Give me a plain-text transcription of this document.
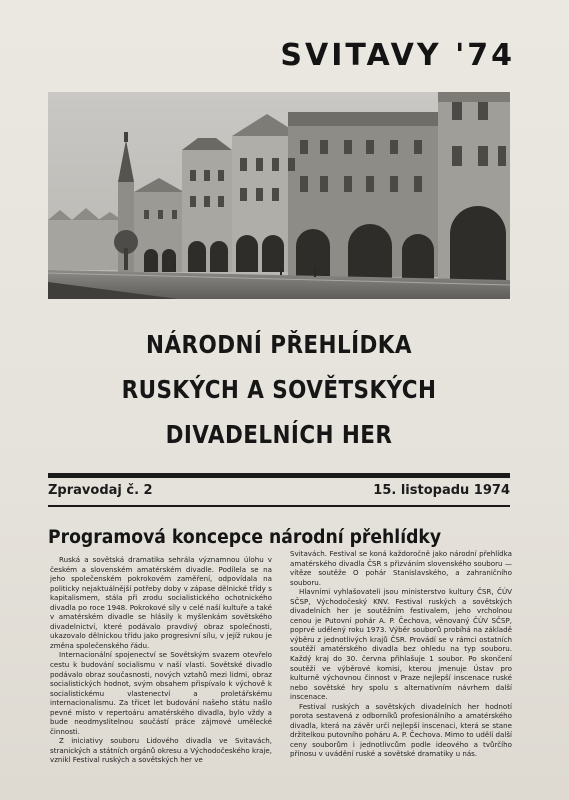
SVITAVY '74
NÁRODNÍ PŘEHLÍDKA
RUSKÝCH A SOVĚTSKÝCH
DIVADELNÍCH HER
Zpravodaj č. 2	15. listopadu 1974
Programová koncepce národní přehlídky

Ruská a sovětská dramatika sehrála významnou úlohu v českém a slovenském amatérském divadle. Podílela se na jeho společenském pokrokovém zaměření, odpovídala na politicky nejaktuálnější potřeby doby v zápase dělnické třídy s kapitalismem, stála při zrodu socialistického ochotnického divadla po roce 1948. Pokrokové síly v celé naší kultuře a také v amatérském divadle se hlásily k myšlenkám sovětského divadelnictví, které podávalo pravdivý obraz společnosti, ukazovalo dělnickou třídu jako progresivní sílu, v jejíž rukou je změna společenského řádu.

Internacionální spojenectví se Sovětským svazem otevřelo cestu k budování socialismu v naší vlasti. Sovětské divadlo podávalo obraz současnosti, nových vztahů mezi lidmi, obraz socialistických hodnot, svým obsahem přispívalo k výchově k socialistickému vlastenectví a proletářskému internacionalismu. Za třicet let budování našeho státu našlo pevné místo v repertoáru amatérského divadla, bylo vždy a bude neodmyslitelnou součástí práce zájmové umělecké činnosti.

Z iniciativy souboru Lidového divadla ve Svitavách, stranických a státních orgánů okresu a Východočeského kraje, vznikl Festival ruských a sovětských her ve

Svitavách. Festival se koná každoročně jako národní přehlídka amatérského divadla ČSR s přizváním slovenského souboru — vítěze soutěže O pohár Stanislavského, a zahraničního souboru.

Hlavními vyhlašovateli jsou ministerstvo kultury ČSR, ČÚV SČSP, Východočeský KNV. Festival ruských a sovětských divadelních her je soutěžním festivalem, jeho vrcholnou cenou je Putovní pohár A. P. Čechova, věnovaný ČÚV SČSP, poprvé udělený roku 1973. Výběr souborů probíhá na základě výběru z jednotlivých krajů ČSR. Provádí se v rámci ostatních soutěží amatérského divadla bez ohledu na typ souboru. Každý kraj do 30. června přihlašuje 1 soubor. Po skončení soutěží ve výběrové komisi, kterou jmenuje Ústav pro kulturně výchovnou činnost v Praze nejlepší inscenace ruské nebo sovětské hry spolu s alternativním návrhem další inscenace.

Festival ruských a sovětských divadelních her hodnotí porota sestavená z odborníků profesionálního a amatérského divadla, která na závěr určí nejlepší inscenaci, která se stane držitelkou putovního poháru A. P. Čechova. Mimo to udělí další ceny souborům i jednotlivcům podle ideového a tvůrčího přínosu v uvádění ruské a sovětské dramatiky u nás.
